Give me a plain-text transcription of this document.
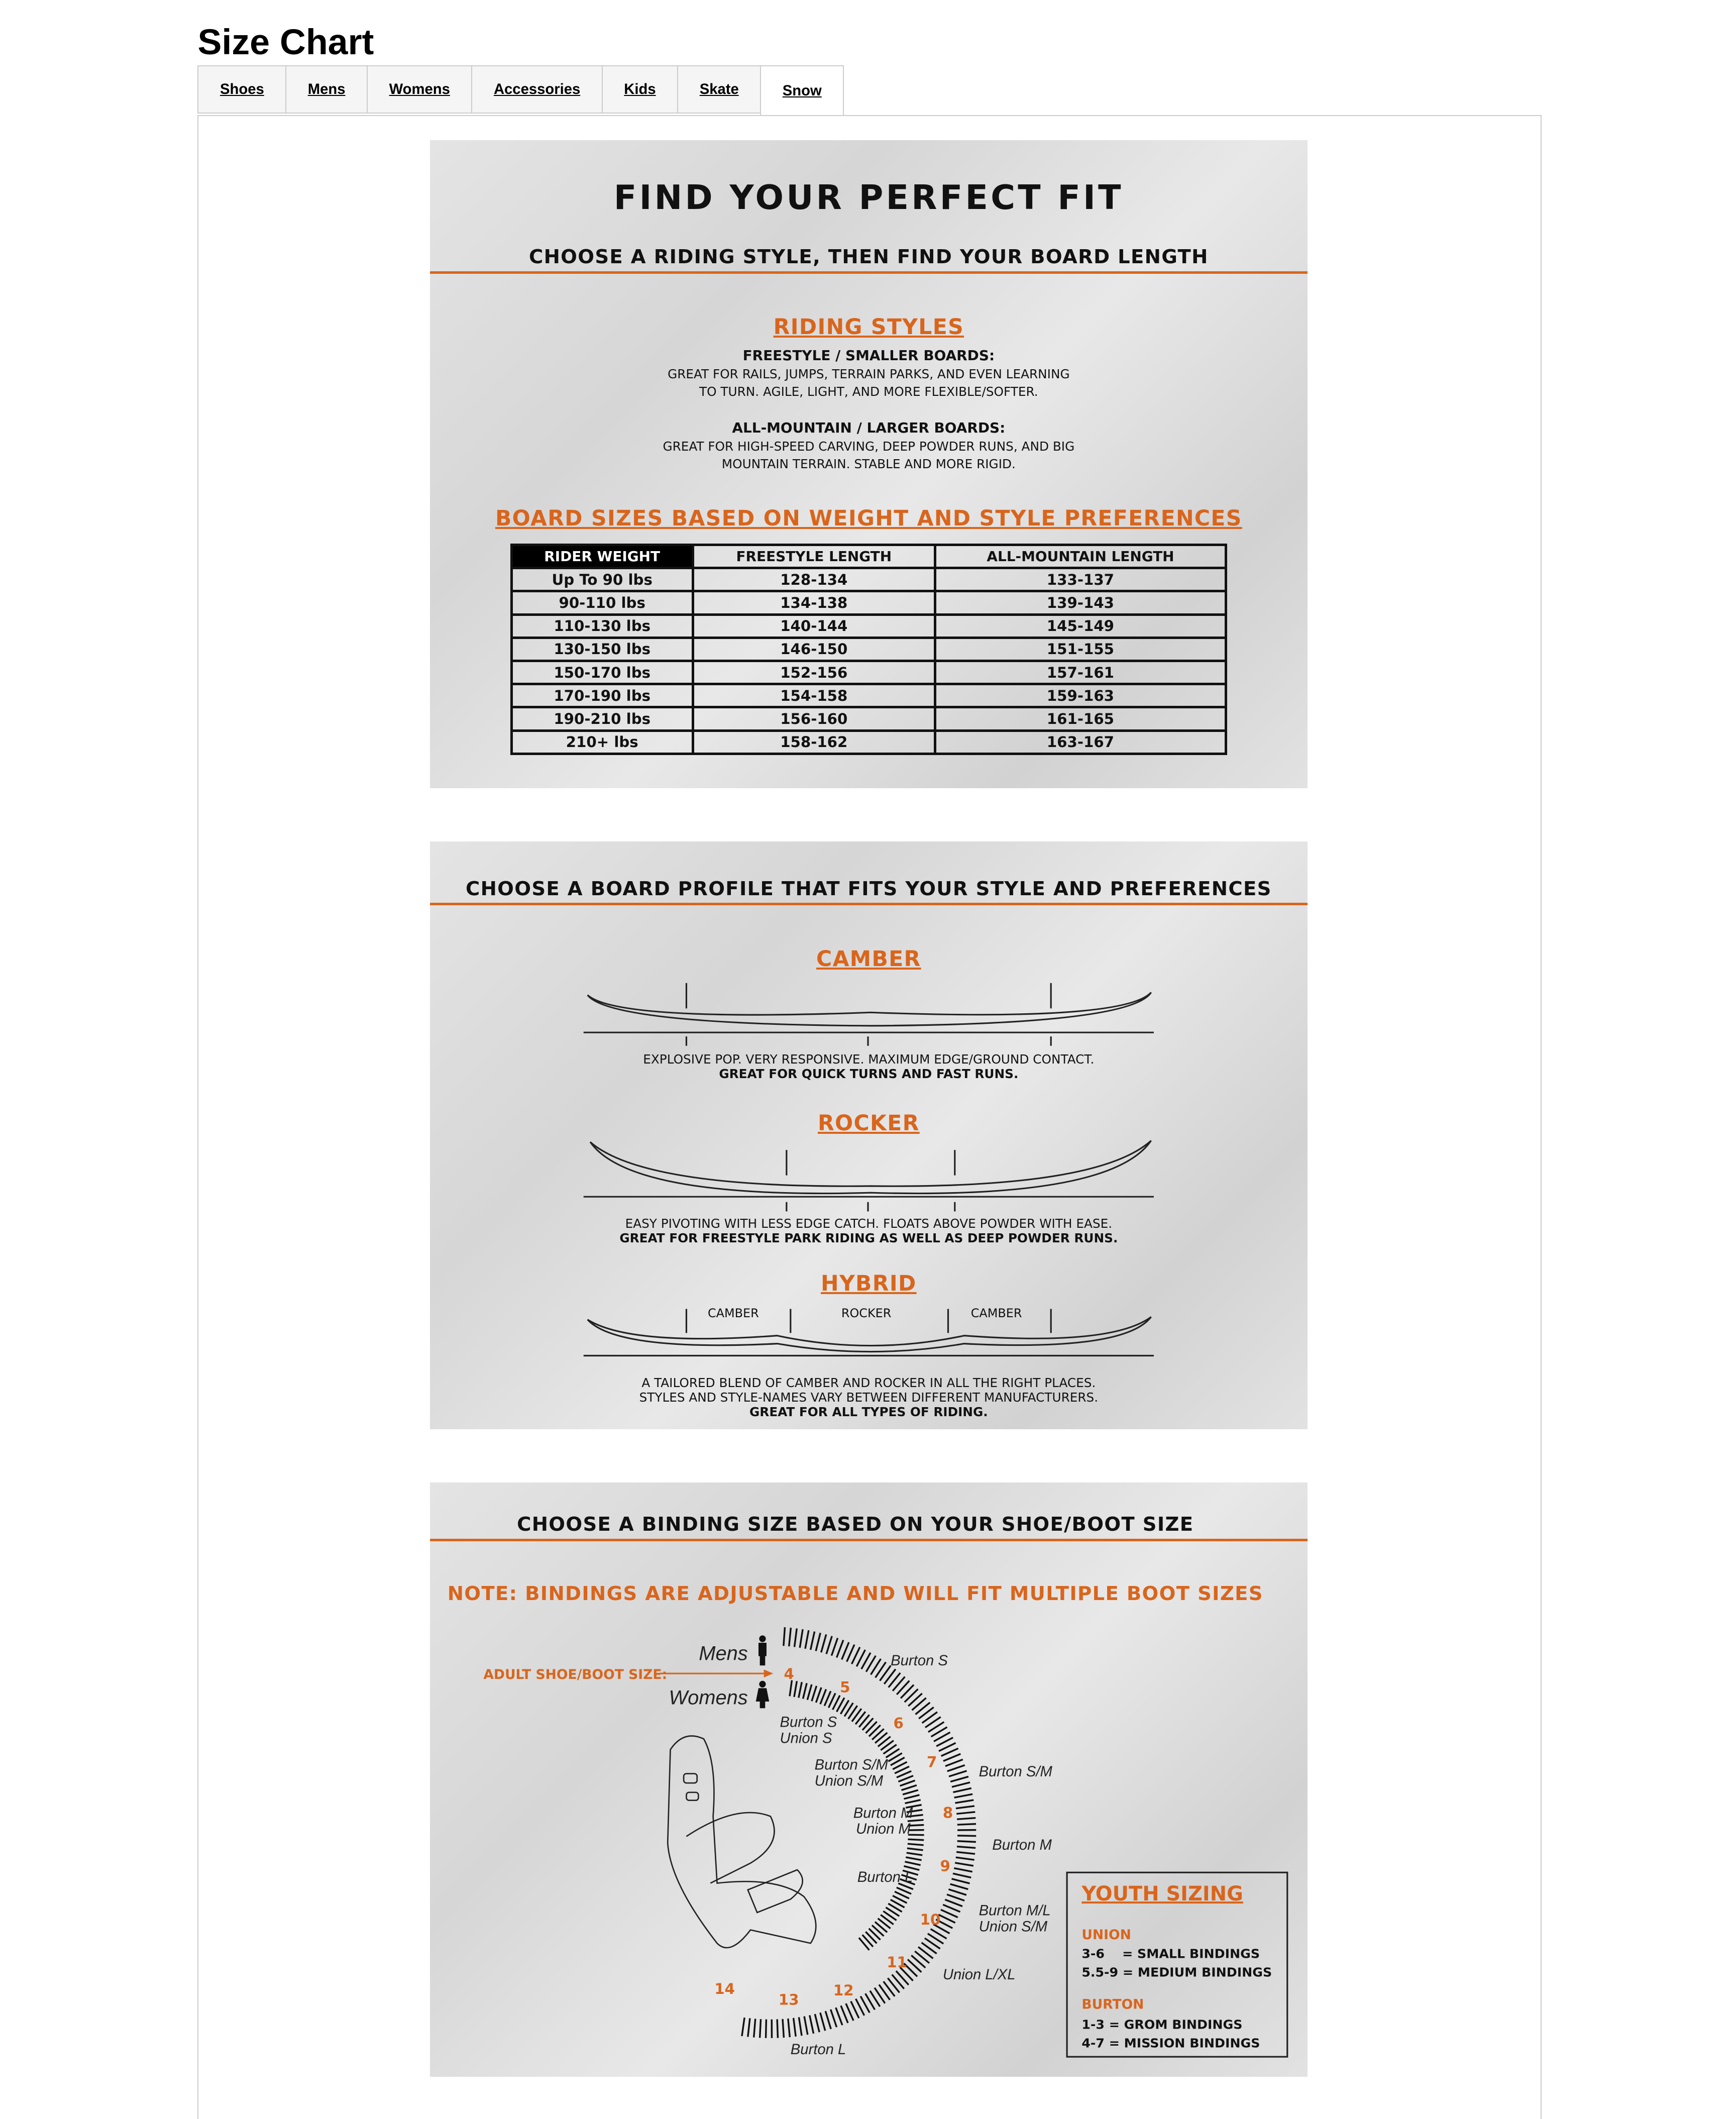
Size Chart
Shoes	Mens	Womens	Accessories	Kids	Skate	Snow
FIND YOUR PERFECT FIT
CHOOSE A RIDING STYLE, THEN FIND YOUR BOARD LENGTH
RIDING STYLES
FREESTYLE / SMALLER BOARDS:
GREAT FOR RAILS, JUMPS, TERRAIN PARKS, AND EVEN LEARNING
TO TURN. AGILE, LIGHT, AND MORE FLEXIBLE/SOFTER.
ALL-MOUNTAIN / LARGER BOARDS:
GREAT FOR HIGH-SPEED CARVING, DEEP POWDER RUNS, AND BIG
MOUNTAIN TERRAIN. STABLE AND MORE RIGID.
BOARD SIZES BASED ON WEIGHT AND STYLE PREFERENCES
RIDER WEIGHT	FREESTYLE LENGTH	ALL-MOUNTAIN LENGTH
Up To 90 lbs	128-134	133-137
90-110 lbs	134-138	139-143
110-130 lbs	140-144	145-149
130-150 lbs	146-150	151-155
150-170 lbs	152-156	157-161
170-190 lbs	154-158	159-163
190-210 lbs	156-160	161-165
210+ lbs	158-162	163-167
CHOOSE A BOARD PROFILE THAT FITS YOUR STYLE AND PREFERENCES
CAMBER
EXPLOSIVE POP. VERY RESPONSIVE. MAXIMUM EDGE/GROUND CONTACT.
GREAT FOR QUICK TURNS AND FAST RUNS.
ROCKER
EASY PIVOTING WITH LESS EDGE CATCH. FLOATS ABOVE POWDER WITH EASE.
GREAT FOR FREESTYLE PARK RIDING AS WELL AS DEEP POWDER RUNS.
HYBRID
CAMBER	ROCKER	CAMBER
A TAILORED BLEND OF CAMBER AND ROCKER IN ALL THE RIGHT PLACES.
STYLES AND STYLE-NAMES VARY BETWEEN DIFFERENT MANUFACTURERS.
GREAT FOR ALL TYPES OF RIDING.
CHOOSE A BINDING SIZE BASED ON YOUR SHOE/BOOT SIZE
NOTE: BINDINGS ARE ADJUSTABLE AND WILL FIT MULTIPLE BOOT SIZES
Mens
Womens
ADULT SHOE/BOOT SIZE:	4
5
6
7
8
9
10
11
12
13
14
Burton S
Burton S/M
Burton M
Burton M/L
Union S/M
Union L/XL
Burton L
Burton S
Union S
Burton S/M
Union S/M
Burton M
Union M
Burton L
YOUTH SIZING
UNION
3-6    = SMALL BINDINGS
5.5-9 = MEDIUM BINDINGS
BURTON
1-3 = GROM BINDINGS
4-7 = MISSION BINDINGS
